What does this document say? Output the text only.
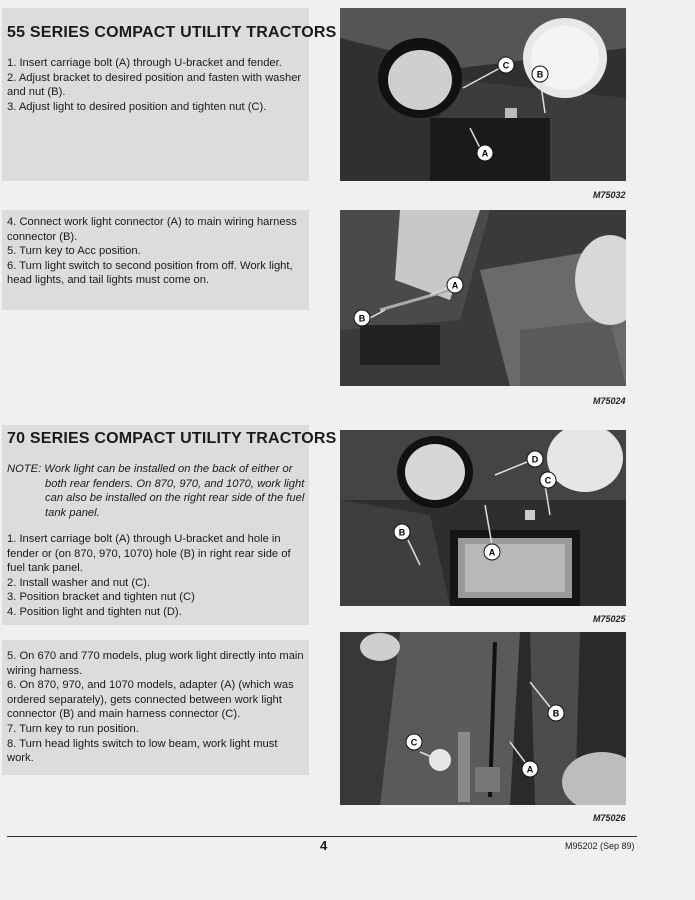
55 SERIES COMPACT UTILITY TRACTORS
1. Insert carriage bolt (A) through U-bracket and fender.
2. Adjust bracket to desired position and fasten with washer and nut (B).
3. Adjust light to desired position and tighten nut (C).
4. Connect work light connector (A) to main wiring harness connector (B).
5. Turn key to Acc position.
6. Turn light switch to second position from off. Work light, head lights, and tail lights must come on.
70 SERIES COMPACT UTILITY TRACTORS
NOTE: Work light can be installed on the back of either or
both rear fenders. On 870, 970, and 1070, work light can also be installed on the right rear side of the fuel tank panel.
1. Insert carriage bolt (A) through U-bracket and hole in fender or (on 870, 970, 1070) hole (B) in right rear side of fuel tank panel.
2. Install washer and nut (C).
3. Position bracket and tighten nut (C)
4. Position light and tighten nut (D).
5. On 670 and 770 models, plug work light directly into main wiring harness.
6. On 870, 970, and 1070 models, adapter (A) (which was ordered separately), gets connected between work light connector (B) and main harness connector (C).
7. Turn key to run position.
8. Turn head lights switch to low beam, work light must work.
C
B
A
M75032
A
B
M75024
D
C
B
A
M75025
C
B
A
M75026
4	M95202 (Sep 89)
